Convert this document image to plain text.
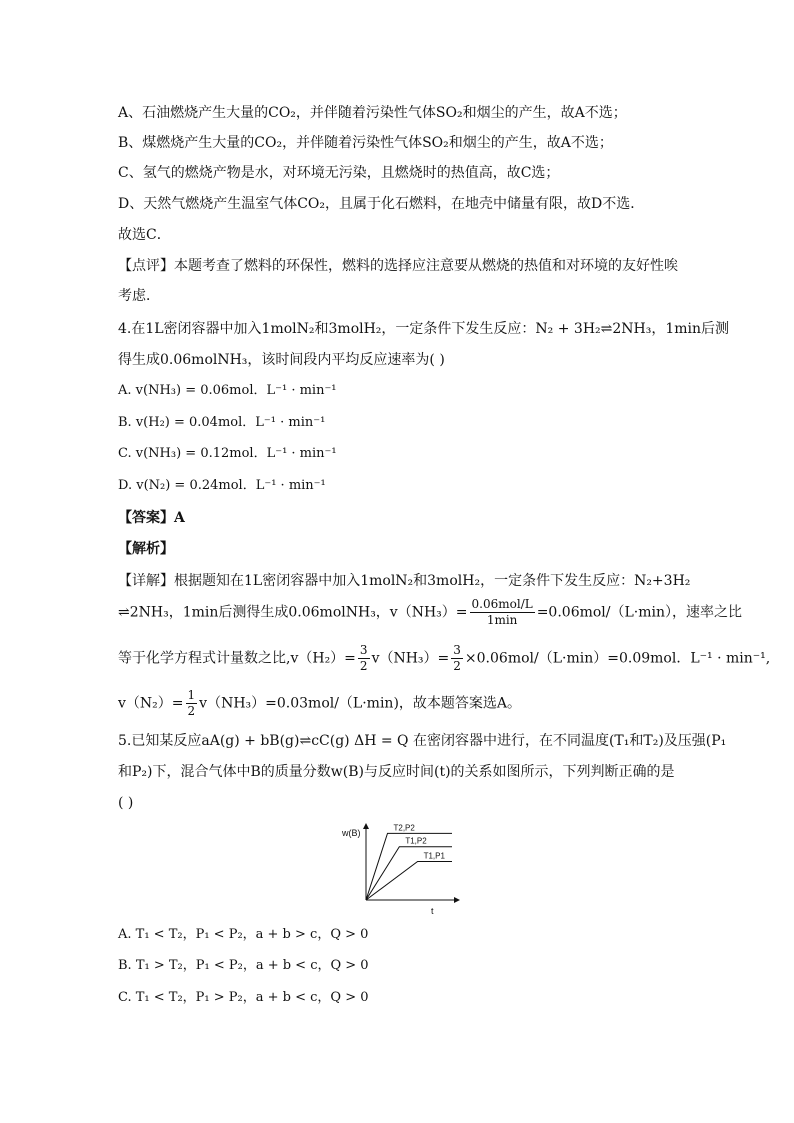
A、石油燃烧产生大量的CO₂，并伴随着污染性气体SO₂和烟尘的产生，故A不选；
B、煤燃烧产生大量的CO₂，并伴随着污染性气体SO₂和烟尘的产生，故A不选；
C、氢气的燃烧产物是水，对环境无污染，且燃烧时的热值高，故C选；
D、天然气燃烧产生温室气体CO₂，且属于化石燃料，在地壳中储量有限，故D不选．
故选C．
【点评】本题考查了燃料的环保性，燃料的选择应注意要从燃烧的热值和对环境的友好性唉
考虑．
4.在1L密闭容器中加入1molN₂和3molH₂，一定条件下发生反应：N₂ + 3H₂⇌2NH₃，1min后测
得生成0.06molNH₃，该时间段内平均反应速率为( )
A. v(NH₃) = 0.06mol．L⁻¹ · min⁻¹
B. v(H₂) = 0.04mol．L⁻¹ · min⁻¹
C. v(NH₃) = 0.12mol．L⁻¹ · min⁻¹
D. v(N₂) = 0.24mol．L⁻¹ · min⁻¹
【答案】A
【解析】
【详解】根据题知在1L密闭容器中加入1molN₂和3molH₂，一定条件下发生反应：N₂+3H₂
⇌2NH₃，1min后测得生成0.06molNH₃，$v(NH_3)= \frac{\text{0.06mol/L}}{1\min} =0.06mol/(L\cdot\min)$，速率之比
等于化学方程式计量数之比$,v(H_2)= \frac{3}{2} v(NH_3)= \frac{3}{2} \times 0.06mol/(L\cdot\min)=0.09mol$．L⁻¹ · min⁻¹,
$v(N_2)= \frac{1}{2} v(NH_3)=0.03mol/(L\cdot\min)$，故本题答案选A。
5.已知某反应aA(g) + bB(g)⇌cC(g) ΔH = Q 在密闭容器中进行，在不同温度(T₁和T₂)及压强(P₁
和P₂)下，混合气体中B的质量分数w(B)与反应时间(t)的关系如图所示，下列判断正确的是
( )
w(B)
t
T2,P2
T1,P2
T1,P1
A. T₁ < T₂，P₁ < P₂，a + b > c，Q > 0
B. T₁ > T₂，P₁ < P₂，a + b < c，Q > 0
C. T₁ < T₂，P₁ > P₂，a + b < c，Q > 0
